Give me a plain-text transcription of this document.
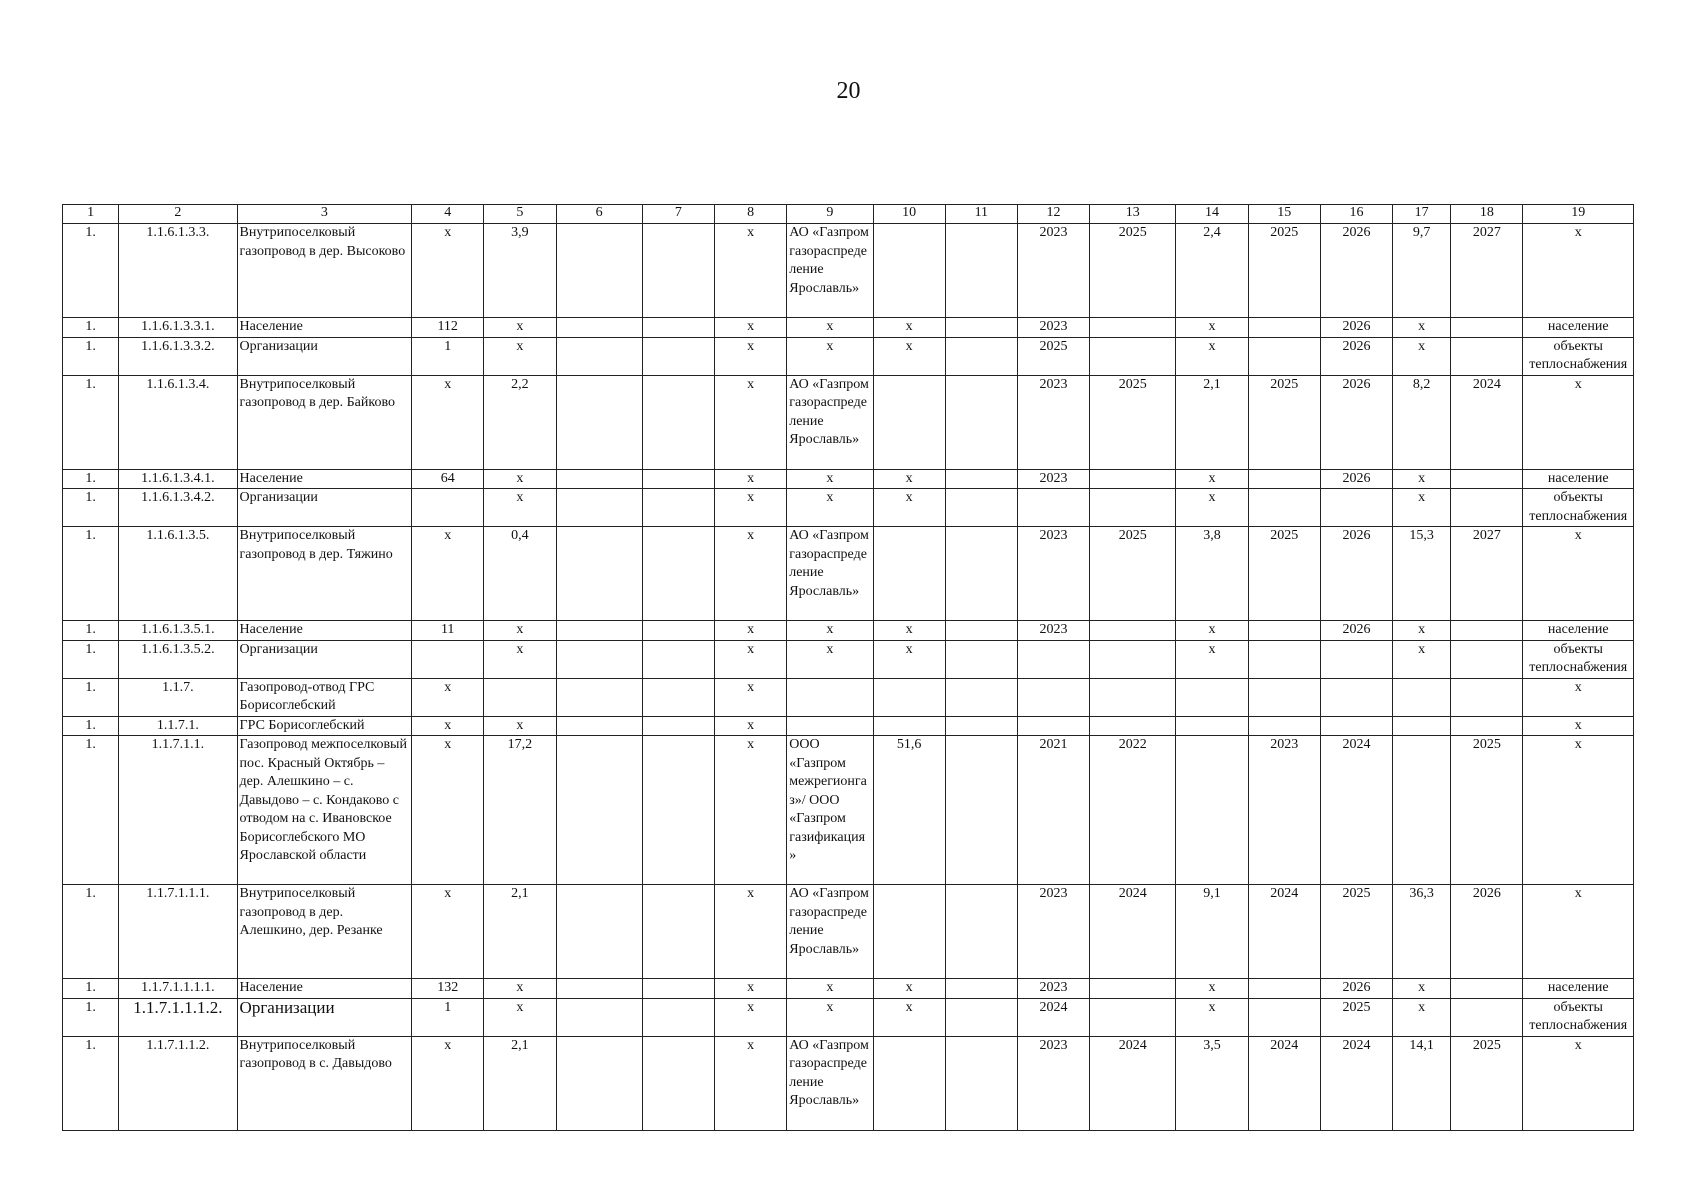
20
1	2	3	4	5	6	7	8	9	10	11	12	13	14	15	16	17	18	19
1.	1.1.6.1.3.3.	Внутрипоселковый газопровод в дер. Высоково	х	3,9			х	АО «Газпром газораспределение Ярославль»			2023	2025	2,4	2025	2026	9,7	2027	х
1.	1.1.6.1.3.3.1.	Население	112	х			х	х	х		2023		х		2026	х		население
1.	1.1.6.1.3.3.2.	Организации	1	х			х	х	х		2025		х		2026	х		объекты теплоснабжения
1.	1.1.6.1.3.4.	Внутрипоселковый газопровод в дер. Байково	х	2,2			х	АО «Газпром газораспределение Ярославль»			2023	2025	2,1	2025	2026	8,2	2024	х
1.	1.1.6.1.3.4.1.	Население	64	х			х	х	х		2023		х		2026	х		население
1.	1.1.6.1.3.4.2.	Организации		х			х	х	х				х			х		объекты теплоснабжения
1.	1.1.6.1.3.5.	Внутрипоселковый газопровод в дер. Тяжино	х	0,4			х	АО «Газпром газораспределение Ярославль»			2023	2025	3,8	2025	2026	15,3	2027	х
1.	1.1.6.1.3.5.1.	Население	11	х			х	х	х		2023		х		2026	х		население
1.	1.1.6.1.3.5.2.	Организации		х			х	х	х				х			х		объекты теплоснабжения
1.	1.1.7.	Газопровод-отвод ГРС Борисоглебский	х				х											х
1.	1.1.7.1.	ГРС Борисоглебский	х	х			х											х
1.	1.1.7.1.1.	Газопровод межпоселковый пос. Красный Октябрь – дер. Алешкино – с. Давыдово – с. Кондаково с отводом на с. Ивановское Борисоглебского МО Ярославской области	х	17,2			х	ООО «Газпром межрегионгаз»/ ООО «Газпром газификация»	51,6		2021	2022		2023	2024		2025	х
1.	1.1.7.1.1.1.	Внутрипоселковый газопровод в дер. Алешкино, дер. Резанке	х	2,1			х	АО «Газпром газораспределение Ярославль»			2023	2024	9,1	2024	2025	36,3	2026	х
1.	1.1.7.1.1.1.1.	Население	132	х			х	х	х		2023		х		2026	х		население
1.	1.1.7.1.1.1.2.	Организации	1	х			х	х	х		2024		х		2025	х		объекты теплоснабжения
1.	1.1.7.1.1.2.	Внутрипоселковый газопровод в с. Давыдово	х	2,1			х	АО «Газпром газораспределение Ярославль»			2023	2024	3,5	2024	2024	14,1	2025	х
